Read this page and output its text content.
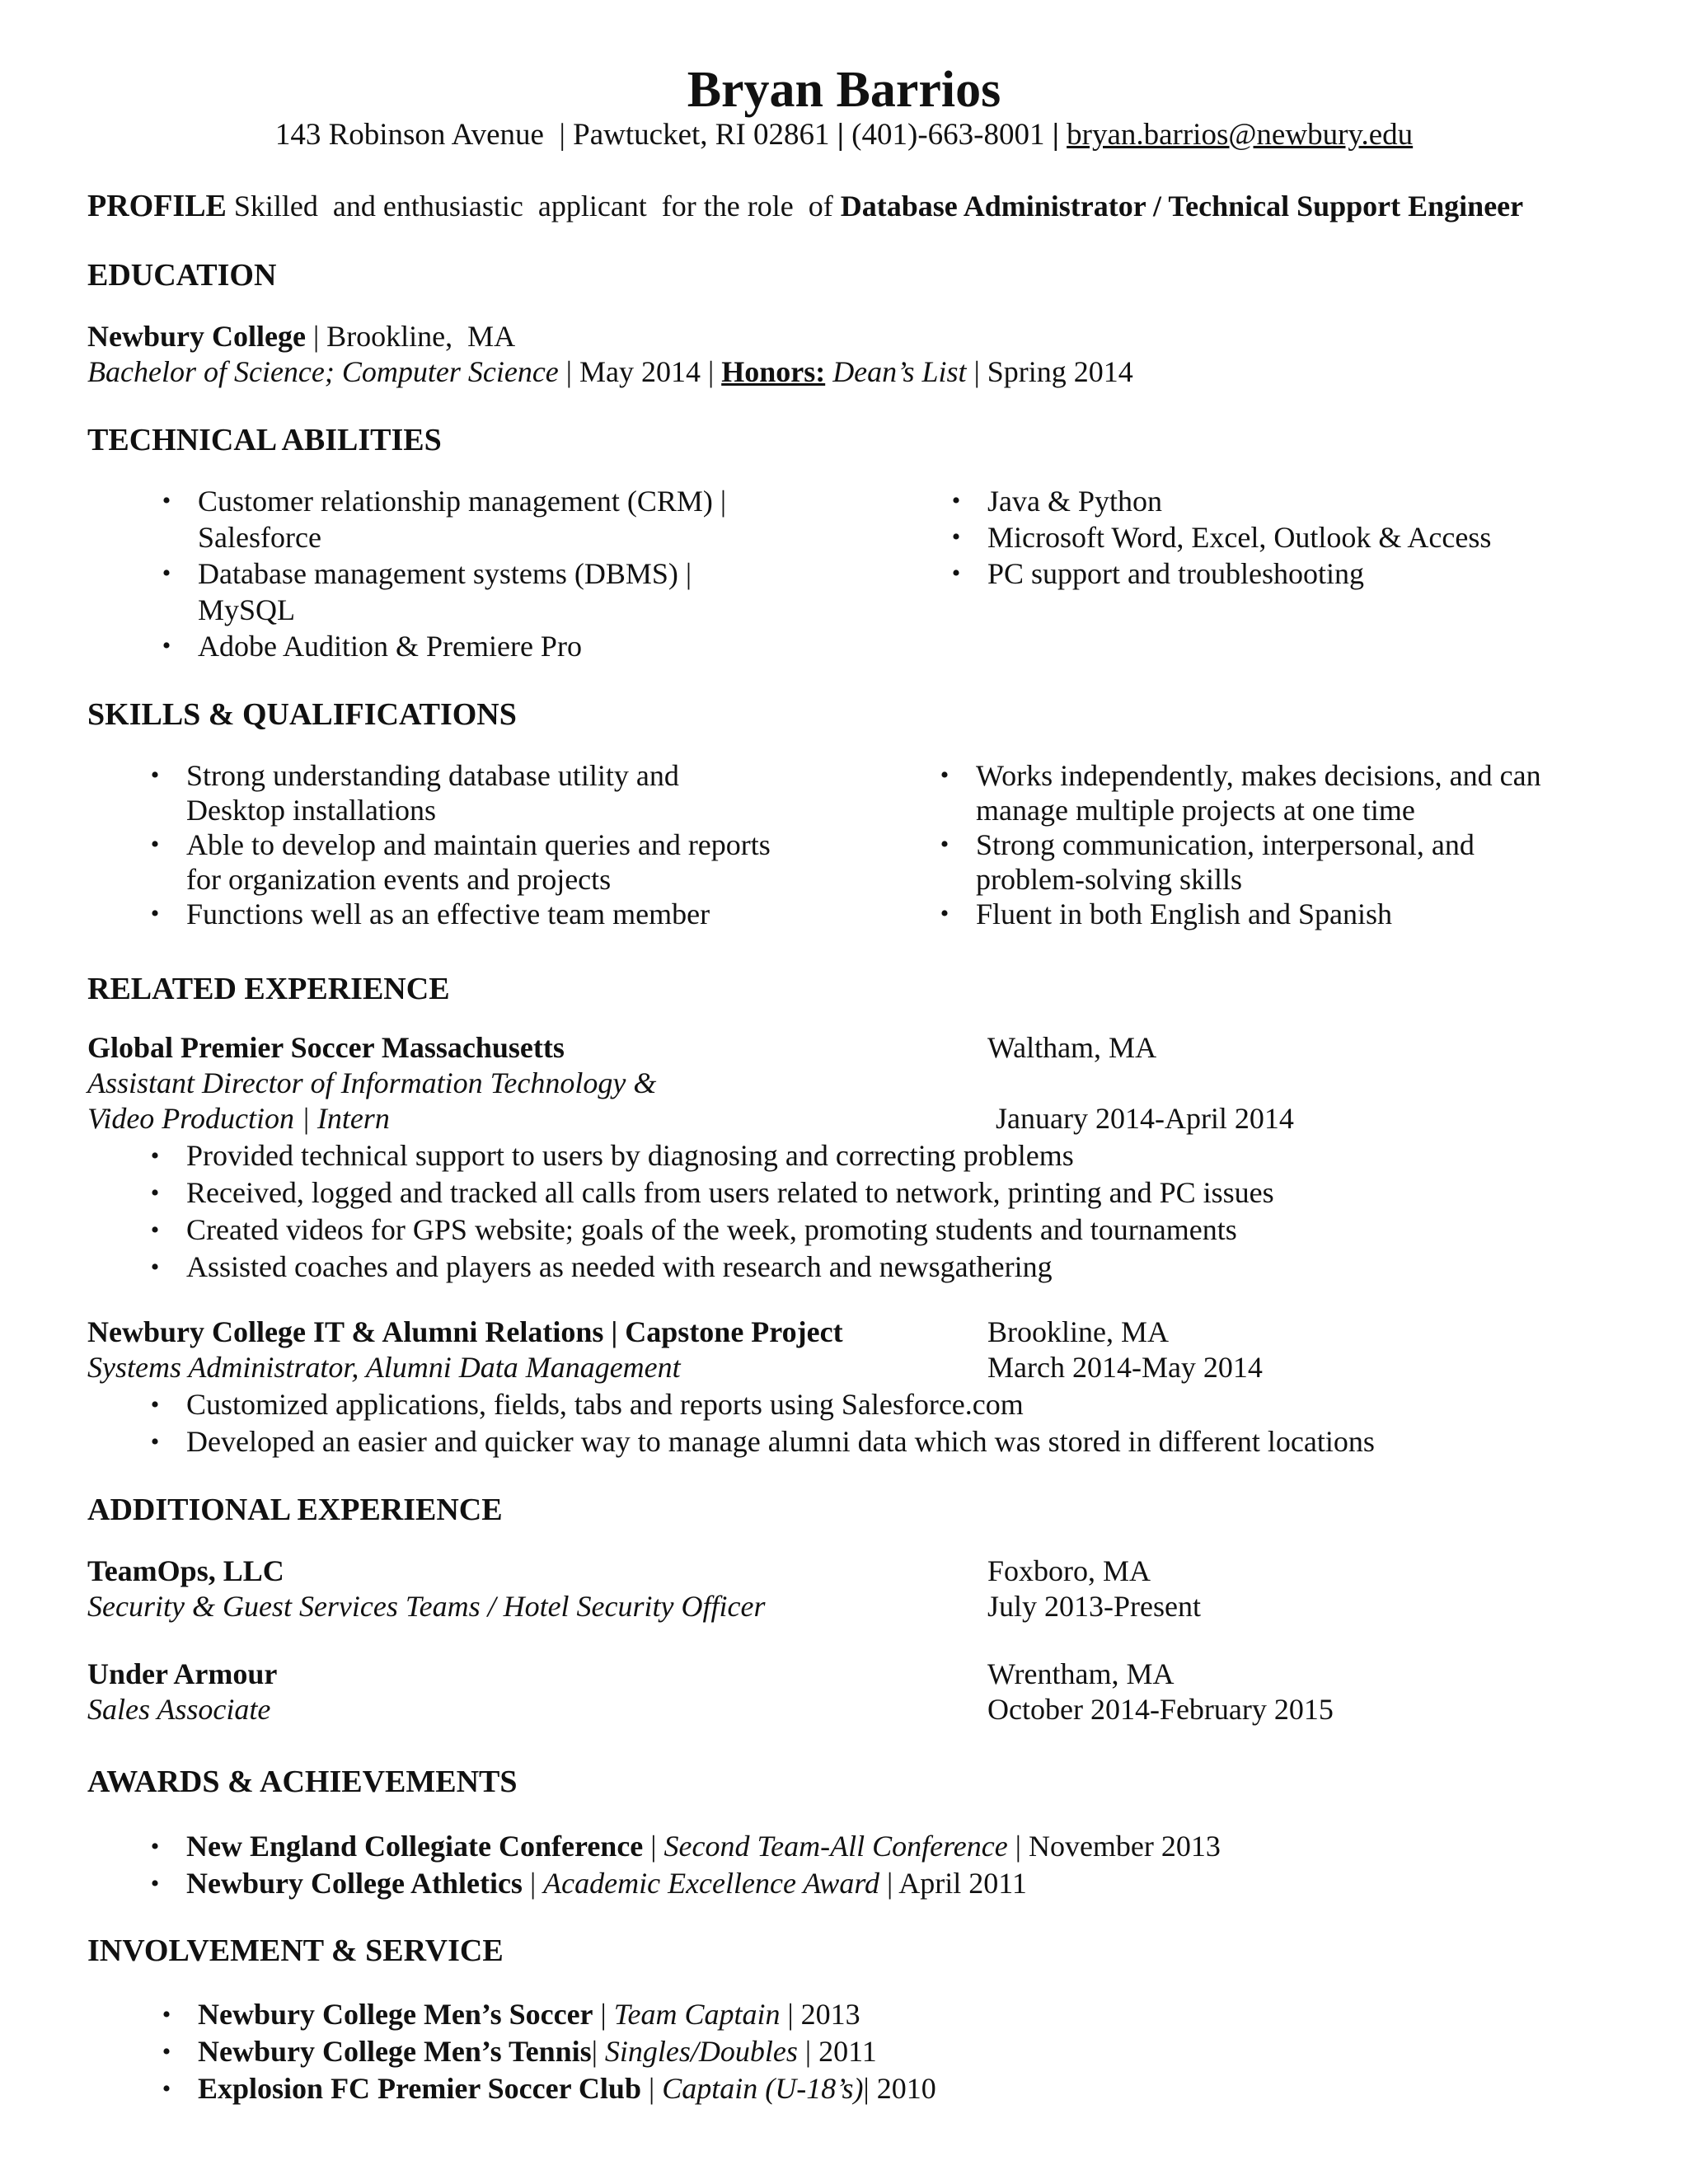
Bryan Barrios
143 Robinson Avenue | Pawtucket, RI 02861 | (401)-663-8001 | bryan.barrios@newbury.edu
PROFILE Skilled  and enthusiastic  applicant  for the role  of Database Administrator / Technical Support Engineer
EDUCATION
Newbury College | Brookline,  MA
Bachelor of Science; Computer Science | May 2014 | Honors: Dean’s List | Spring 2014
TECHNICAL ABILITIES
• Customer relationship management (CRM) |
Salesforce
• Database management systems (DBMS) |
MySQL
• Adobe Audition & Premiere Pro
• Java & Python
• Microsoft Word, Excel, Outlook & Access
• PC support and troubleshooting
SKILLS & QUALIFICATIONS
• Strong understanding database utility and
Desktop installations
• Able to develop and maintain queries and reports
for organization events and projects
• Functions well as an effective team member
• Works independently, makes decisions, and can
manage multiple projects at one time
• Strong communication, interpersonal, and
problem-solving skills
• Fluent in both English and Spanish
RELATED EXPERIENCE
Global Premier Soccer Massachusetts	Waltham, MA
Assistant Director of Information Technology &
Video Production | Intern	January 2014-April 2014
• Provided technical support to users by diagnosing and correcting problems
• Received, logged and tracked all calls from users related to network, printing and PC issues
• Created videos for GPS website; goals of the week, promoting students and tournaments
• Assisted coaches and players as needed with research and newsgathering
Newbury College IT & Alumni Relations | Capstone Project	Brookline, MA
Systems Administrator, Alumni Data Management	March 2014-May 2014
• Customized applications, fields, tabs and reports using Salesforce.com
• Developed an easier and quicker way to manage alumni data which was stored in different locations
ADDITIONAL EXPERIENCE
TeamOps, LLC	Foxboro, MA
Security & Guest Services Teams / Hotel Security Officer	July 2013-Present
Under Armour	Wrentham, MA
Sales Associate	October 2014-February 2015
AWARDS & ACHIEVEMENTS
• New England Collegiate Conference | Second Team-All Conference | November 2013
• Newbury College Athletics | Academic Excellence Award | April 2011
INVOLVEMENT & SERVICE
• Newbury College Men’s Soccer | Team Captain | 2013
• Newbury College Men’s Tennis| Singles/Doubles | 2011
• Explosion FC Premier Soccer Club | Captain (U-18’s)| 2010
